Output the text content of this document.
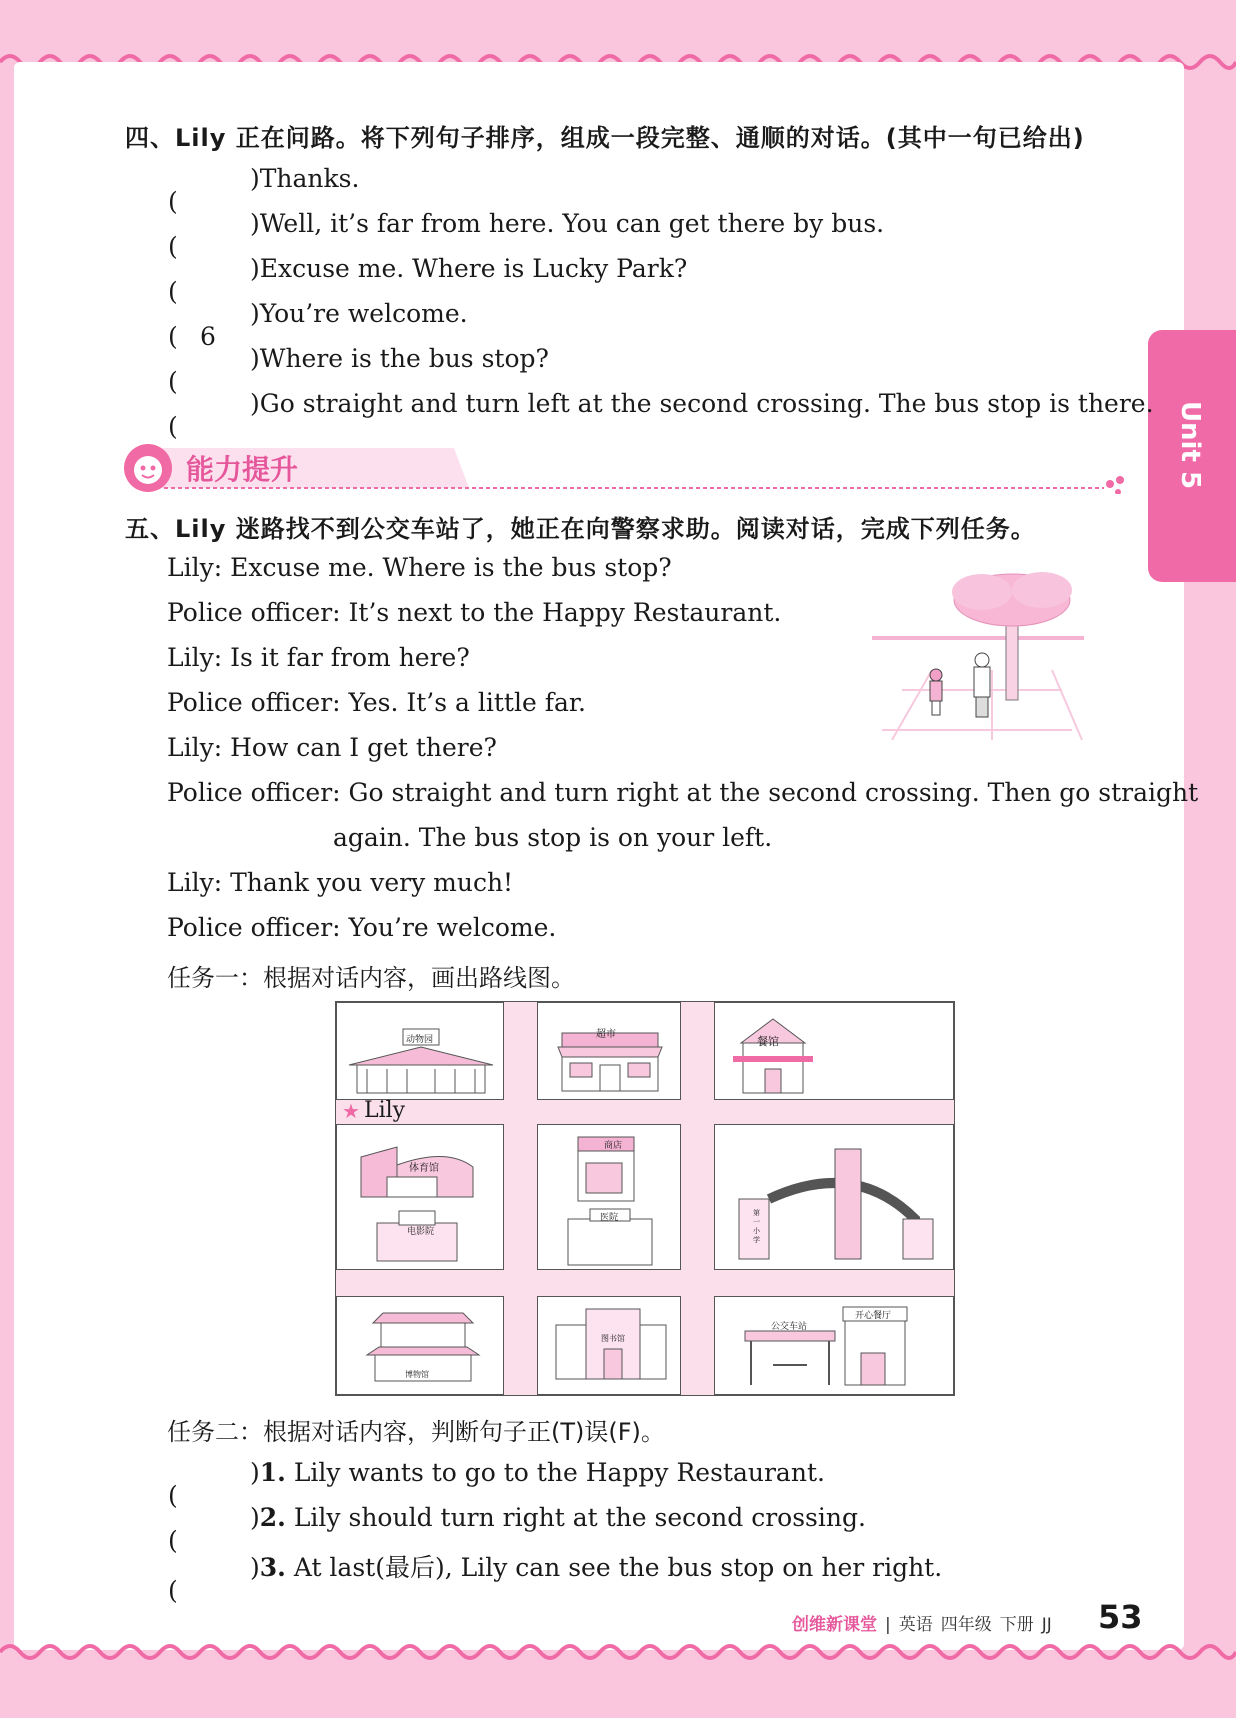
Unit 5
四、Lily 正在问路。将下列句子排序，组成一段完整、通顺的对话。(其中一句已给出)
(
)Thanks.
(
)Well, it’s far from here. You can get there by bus.
(
)Excuse me. Where is Lucky Park?
( 6
)You’re welcome.
(
)Where is the bus stop?
(
)Go straight and turn left at the second crossing. The bus stop is there.
能力提升
五、Lily 迷路找不到公交车站了，她正在向警察求助。阅读对话，完成下列任务。
Lily: Excuse me. Where is the bus stop?
Police officer: It’s next to the Happy Restaurant.
Lily: Is it far from here?
Police officer: Yes. It’s a little far.
Lily: How can I get there?
Police officer: Go straight and turn right at the second crossing. Then go straight
again. The bus stop is on your left.
Lily: Thank you very much!
Police officer: You’re welcome.
任务一：根据对话内容，画出路线图。
动物园	超市
餐馆
★ Lily
体育馆
电影院
商店
医院	第一小学
博物馆
图书馆
公交车站
开心餐厅
任务二：根据对话内容，判断句子正(T)误(F)。
(
)1. Lily wants to go to the Happy Restaurant.
(
)2. Lily should turn right at the second crossing.
(
)3. At last(最后), Lily can see the bus stop on her right.
创维新课堂 | 英语 四年级 下册 JJ 53
